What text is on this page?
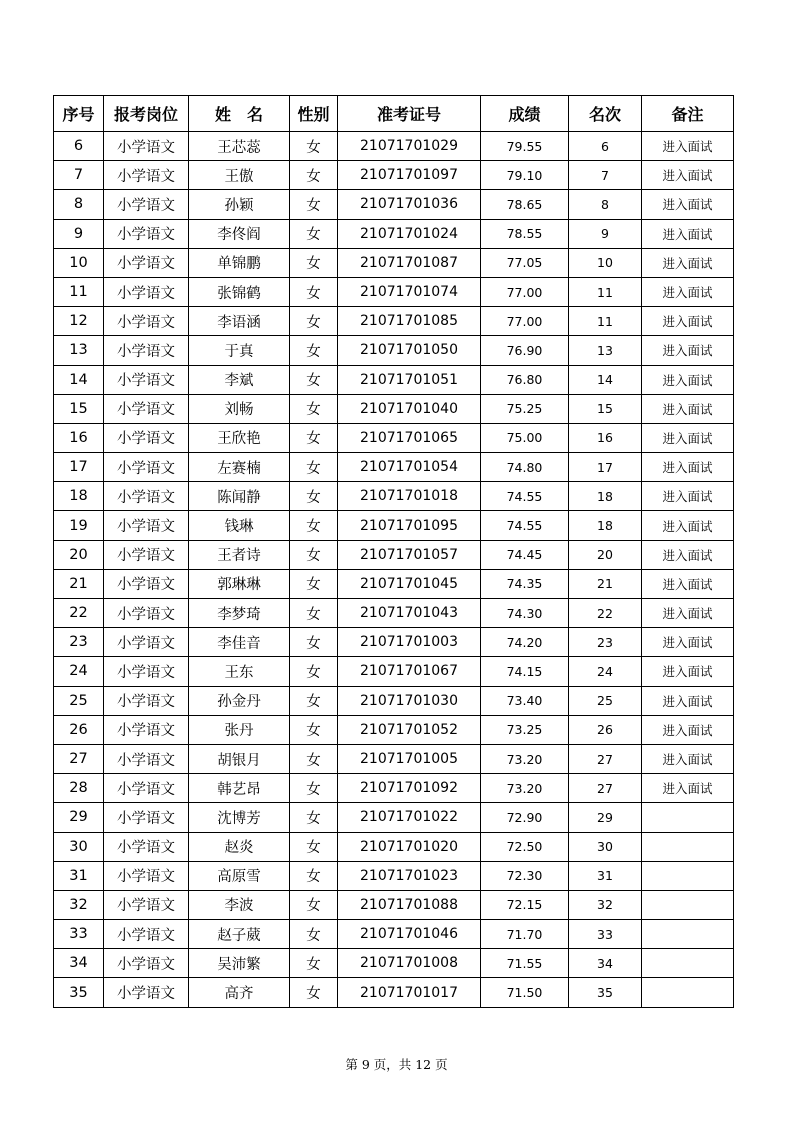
序号	报考岗位	姓　名	性别	准考证号	成绩	名次	备注
6	小学语文	王芯蕊	女	21071701029	79.55	6	进入面试
7	小学语文	王傲	女	21071701097	79.10	7	进入面试
8	小学语文	孙颖	女	21071701036	78.65	8	进入面试
9	小学语文	李佟阎	女	21071701024	78.55	9	进入面试
10	小学语文	单锦鹏	女	21071701087	77.05	10	进入面试
11	小学语文	张锦鹤	女	21071701074	77.00	11	进入面试
12	小学语文	李语涵	女	21071701085	77.00	11	进入面试
13	小学语文	于真	女	21071701050	76.90	13	进入面试
14	小学语文	李斌	女	21071701051	76.80	14	进入面试
15	小学语文	刘畅	女	21071701040	75.25	15	进入面试
16	小学语文	王欣艳	女	21071701065	75.00	16	进入面试
17	小学语文	左赛楠	女	21071701054	74.80	17	进入面试
18	小学语文	陈闻静	女	21071701018	74.55	18	进入面试
19	小学语文	钱琳	女	21071701095	74.55	18	进入面试
20	小学语文	王者诗	女	21071701057	74.45	20	进入面试
21	小学语文	郭琳琳	女	21071701045	74.35	21	进入面试
22	小学语文	李梦琦	女	21071701043	74.30	22	进入面试
23	小学语文	李佳音	女	21071701003	74.20	23	进入面试
24	小学语文	王东	女	21071701067	74.15	24	进入面试
25	小学语文	孙金丹	女	21071701030	73.40	25	进入面试
26	小学语文	张丹	女	21071701052	73.25	26	进入面试
27	小学语文	胡银月	女	21071701005	73.20	27	进入面试
28	小学语文	韩艺昂	女	21071701092	73.20	27	进入面试
29	小学语文	沈博芳	女	21071701022	72.90	29	
30	小学语文	赵炎	女	21071701020	72.50	30	
31	小学语文	高原雪	女	21071701023	72.30	31	
32	小学语文	李波	女	21071701088	72.15	32	
33	小学语文	赵子葳	女	21071701046	71.70	33	
34	小学语文	吴沛繁	女	21071701008	71.55	34	
35	小学语文	高齐	女	21071701017	71.50	35	
第 9 页，共 12 页
